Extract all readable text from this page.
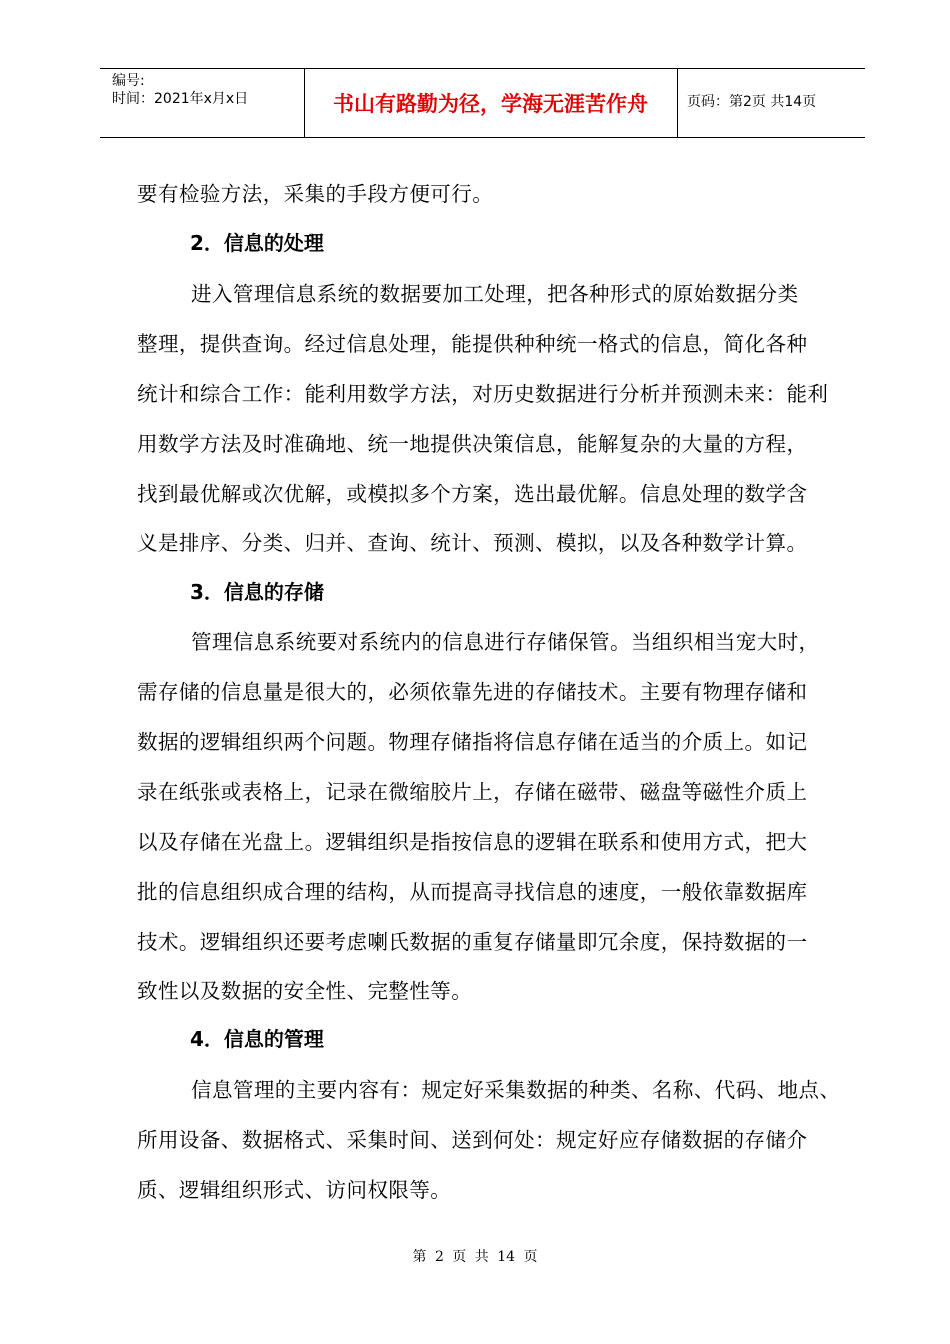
编号:
时间：2021年x月x日	书山有路勤为径，学海无涯苦作舟	页码：第2页 共14页
要有检验方法，采集的手段方便可行。
2．信息的处理
进入管理信息系统的数据要加工处理，把各种形式的原始数据分类
整理，提供查询。经过信息处理，能提供种种统一格式的信息，简化各种
统计和综合工作：能利用数学方法，对历史数据进行分析并预测未来：能利
用数学方法及时准确地、统一地提供决策信息，能解复杂的大量的方程，
找到最优解或次优解，或模拟多个方案，选出最优解。信息处理的数学含
义是排序、分类、归并、查询、统计、预测、模拟，以及各种数学计算。
3．信息的存储
管理信息系统要对系统内的信息进行存储保管。当组织相当宠大时，
需存储的信息量是很大的，必须依靠先进的存储技术。主要有物理存储和
数据的逻辑组织两个问题。物理存储指将信息存储在适当的介质上。如记
录在纸张或表格上，记录在微缩胶片上，存储在磁带、磁盘等磁性介质上
以及存储在光盘上。逻辑组织是指按信息的逻辑在联系和使用方式，把大
批的信息组织成合理的结构，从而提高寻找信息的速度，一般依靠数据库
技术。逻辑组织还要考虑喇氏数据的重复存储量即冗余度，保持数据的一
致性以及数据的安全性、完整性等。
4．信息的管理
信息管理的主要内容有：规定好采集数据的种类、名称、代码、地点、
所用设备、数据格式、采集时间、送到何处：规定好应存储数据的存储介
质、逻辑组织形式、访问权限等。
第 2 页 共 14 页
